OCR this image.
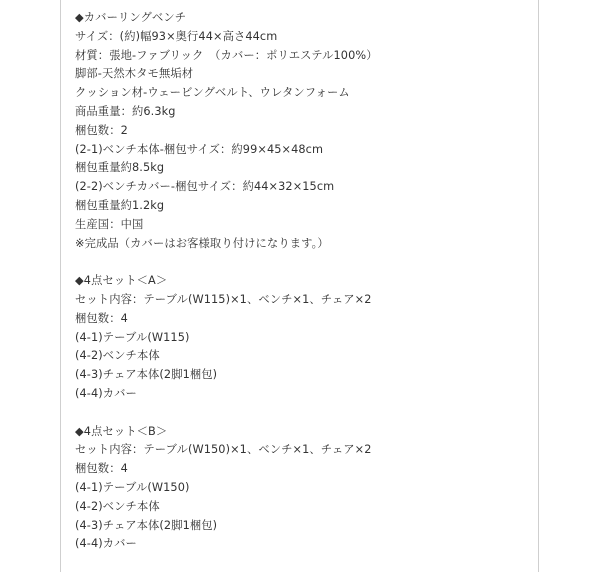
◆カバーリングベンチ
サイズ：(約)幅93×奥行44×高さ44cm
材質：張地-ファブリック　（カバー：ポリエステル100%）
脚部-天然木タモ無垢材
クッション材-ウェービングベルト、ウレタンフォーム
商品重量：約6.3kg
梱包数：2
(2-1)ベンチ本体-梱包サイズ：約99×45×48cm
梱包重量約8.5kg
(2-2)ベンチカバー-梱包サイズ：約44×32×15cm
梱包重量約1.2kg
生産国：中国
※完成品（カバーはお客様取り付けになります。）
◆4点セット＜A＞
セット内容：テーブル(W115)×1、ベンチ×1、チェア×2
梱包数：4
(4-1)テーブル(W115)
(4-2)ベンチ本体
(4-3)チェア本体(2脚1梱包)
(4-4)カバー
◆4点セット＜B＞
セット内容：テーブル(W150)×1、ベンチ×1、チェア×2
梱包数：4
(4-1)テーブル(W150)
(4-2)ベンチ本体
(4-3)チェア本体(2脚1梱包)
(4-4)カバー
